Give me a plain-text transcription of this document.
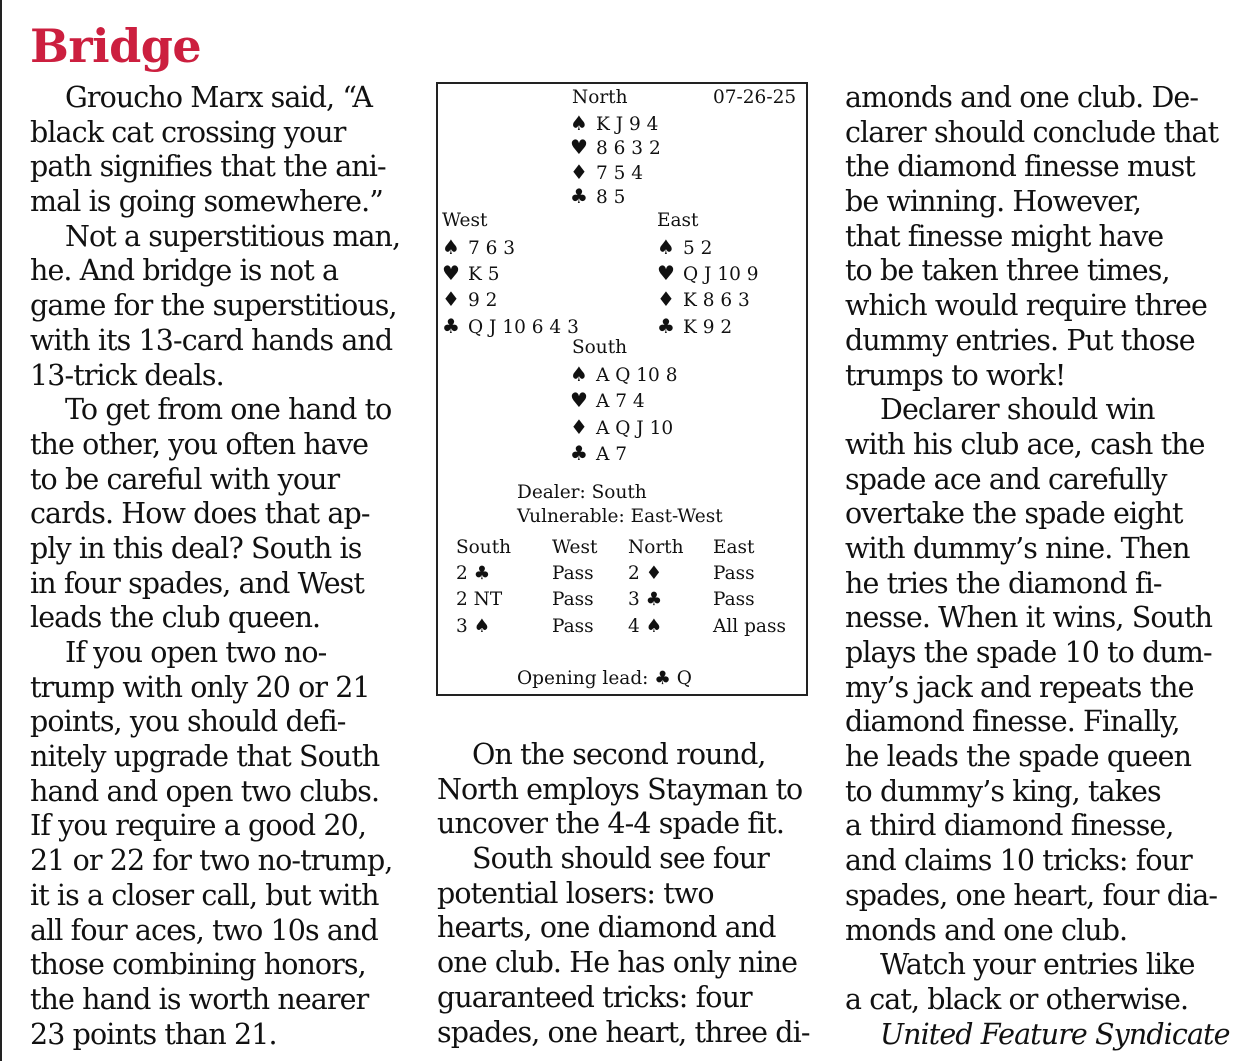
Bridge
Groucho Marx said, “A
black cat crossing your
path signifies that the ani-
mal is going somewhere.”
Not a superstitious man,
he. And bridge is not a
game for the superstitious,
with its 13-card hands and
13-trick deals.
To get from one hand to
the other, you often have
to be careful with your
cards. How does that ap-
ply in this deal? South is
in four spades, and West
leads the club queen.
If you open two no-
trump with only 20 or 21
points, you should defi-
nitely upgrade that South
hand and open two clubs.
If you require a good 20,
21 or 22 for two no-trump,
it is a closer call, but with
all four aces, two 10s and
those combining honors,
the hand is worth nearer
23 points than 21.
On the second round,
North employs Stayman to
uncover the 4-4 spade fit.
South should see four
potential losers: two
hearts, one diamond and
one club. He has only nine
guaranteed tricks: four
spades, one heart, three di-
amonds and one club. De-
clarer should conclude that
the diamond finesse must
be winning. However,
that finesse might have
to be taken three times,
which would require three
dummy entries. Put those
trumps to work!
Declarer should win
with his club ace, cash the
spade ace and carefully
overtake the spade eight
with dummy’s nine. Then
he tries the diamond fi-
nesse. When it wins, South
plays the spade 10 to dum-
my’s jack and repeats the
diamond finesse. Finally,
he leads the spade queen
to dummy’s king, takes
a third diamond finesse,
and claims 10 tricks: four
spades, one heart, four dia-
monds and one club.
Watch your entries like
a cat, black or otherwise.
United Feature Syndicate
North	07-26-25
♠ K J 9 4
♥ 8 6 3 2
♦ 7 5 4
♣ 8 5
West
♠ 7 6 3
♥ K 5
♦ 9 2
♣ Q J 10 6 4 3
East
♠ 5 2
♥ Q J 10 9
♦ K 8 6 3
♣ K 9 2
South
♠ A Q 10 8
♥ A 7 4
♦ A Q J 10
♣ A 7
Dealer: South
Vulnerable: East-West
South West North East
2 ♣	Pass 2 ♦	Pass
2 NT	Pass 3 ♣	Pass
3 ♠	Pass 4 ♠	All pass
Opening lead: ♣ Q
